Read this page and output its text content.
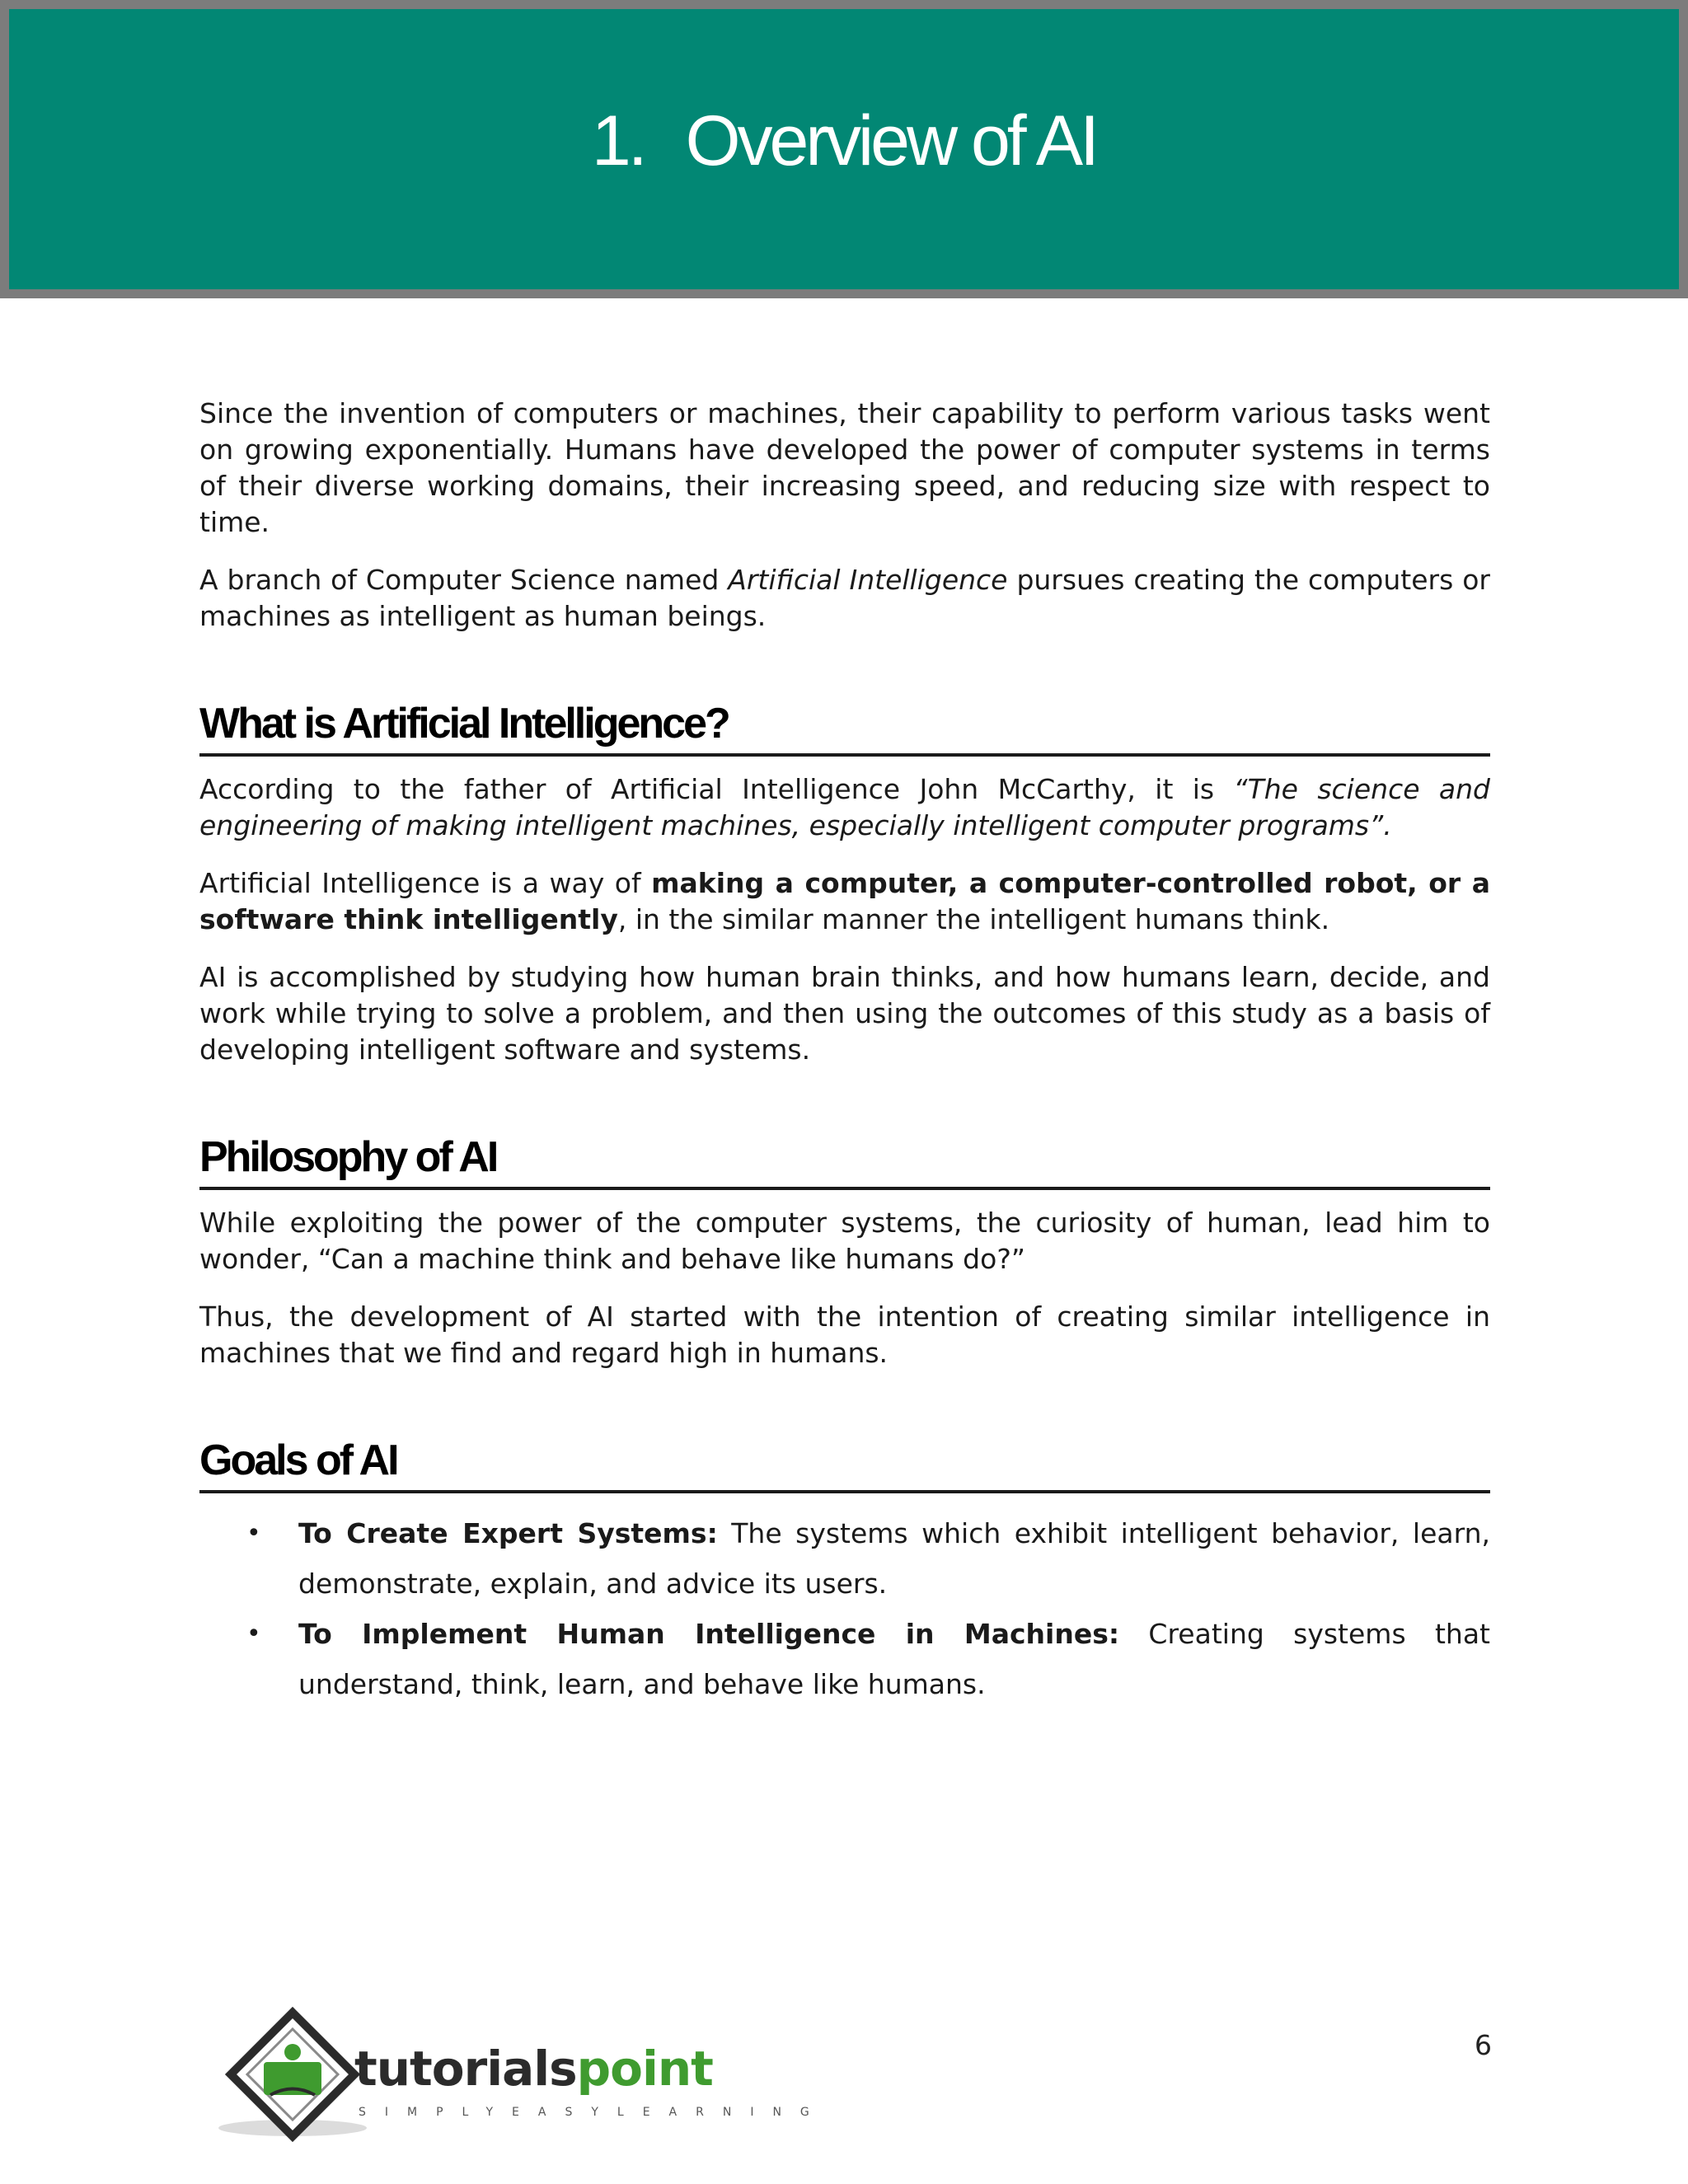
1. Overview of AI

Since the invention of computers or machines, their capability to perform various tasks went on growing exponentially. Humans have developed the power of computer systems in terms of their diverse working domains, their increasing speed, and reducing size with respect to time.

A branch of Computer Science named Artificial Intelligence pursues creating the computers or machines as intelligent as human beings.

What is Artificial Intelligence?

According to the father of Artificial Intelligence John McCarthy, it is “The science and engineering of making intelligent machines, especially intelligent computer programs”.

Artificial Intelligence is a way of making a computer, a computer-controlled robot, or a software think intelligently, in the similar manner the intelligent humans think.

AI is accomplished by studying how human brain thinks, and how humans learn, decide, and work while trying to solve a problem, and then using the outcomes of this study as a basis of developing intelligent software and systems.

Philosophy of AI

While exploiting the power of the computer systems, the curiosity of human, lead him to wonder, “Can a machine think and behave like humans do?”

Thus, the development of AI started with the intention of creating similar intelligence in machines that we find and regard high in humans.

Goals of AI
• To Create Expert Systems: The systems which exhibit intelligent behavior, learn, demonstrate, explain, and advice its users.
• To Implement Human Intelligence in Machines: Creating systems that understand, think, learn, and behave like humans.
tutorialspoint
SIMPLYEASYLEARNING
6
